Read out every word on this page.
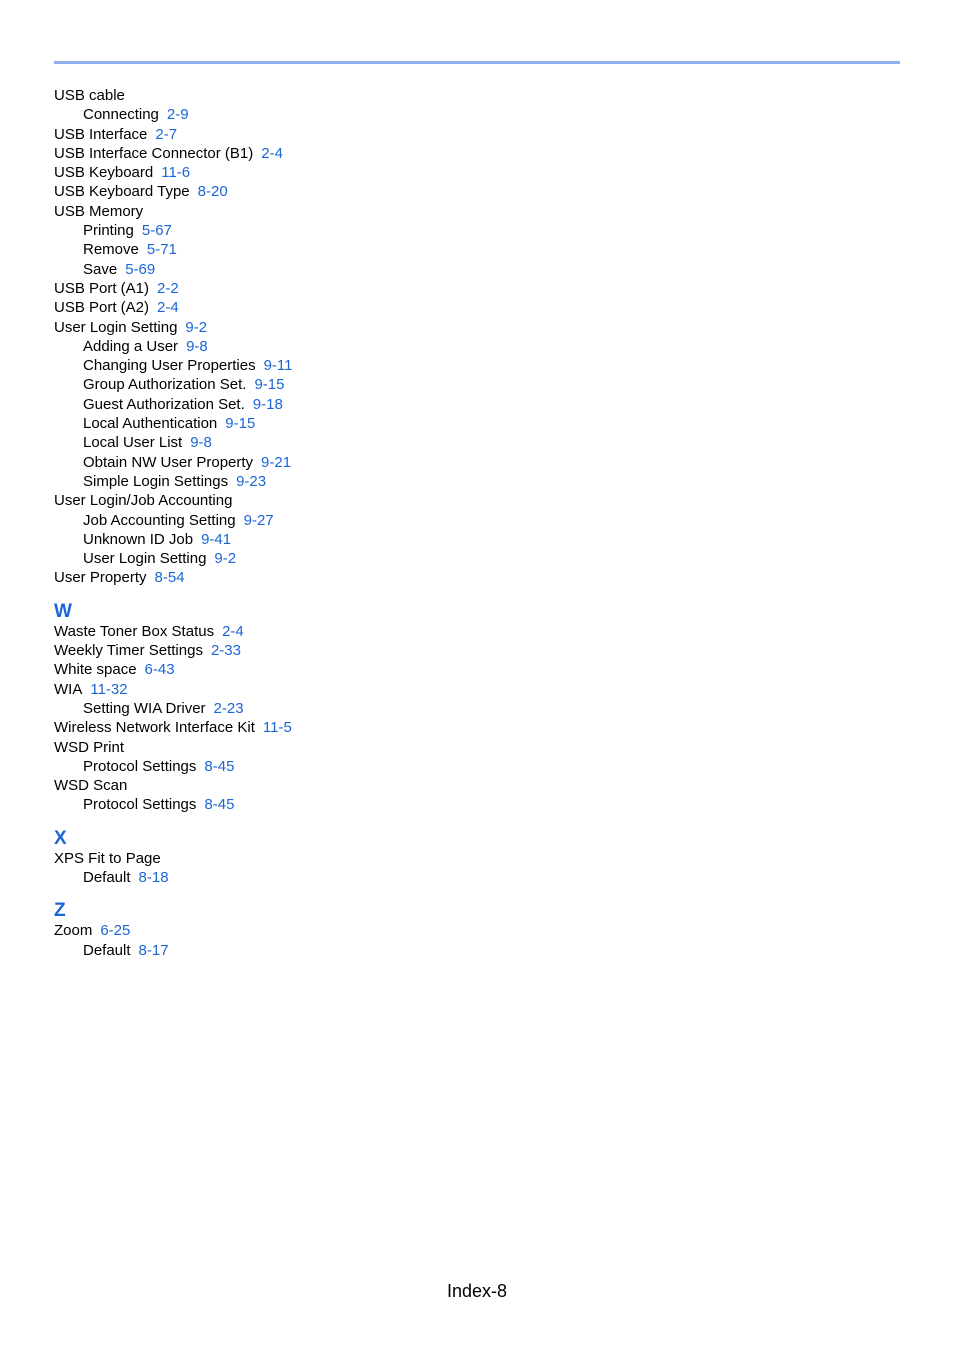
USB cable
Connecting 2-9
USB Interface 2-7
USB Interface Connector (B1) 2-4
USB Keyboard 11-6
USB Keyboard Type 8-20
USB Memory
Printing 5-67
Remove 5-71
Save 5-69
USB Port (A1) 2-2
USB Port (A2) 2-4
User Login Setting 9-2
Adding a User 9-8
Changing User Properties 9-11
Group Authorization Set. 9-15
Guest Authorization Set. 9-18
Local Authentication 9-15
Local User List 9-8
Obtain NW User Property 9-21
Simple Login Settings 9-23
User Login/Job Accounting
Job Accounting Setting 9-27
Unknown ID Job 9-41
User Login Setting 9-2
User Property 8-54
W
Waste Toner Box Status 2-4
Weekly Timer Settings 2-33
White space 6-43
WIA 11-32
Setting WIA Driver 2-23
Wireless Network Interface Kit 11-5
WSD Print
Protocol Settings 8-45
WSD Scan
Protocol Settings 8-45
X
XPS Fit to Page
Default 8-18
Z
Zoom 6-25
Default 8-17
Index-8
